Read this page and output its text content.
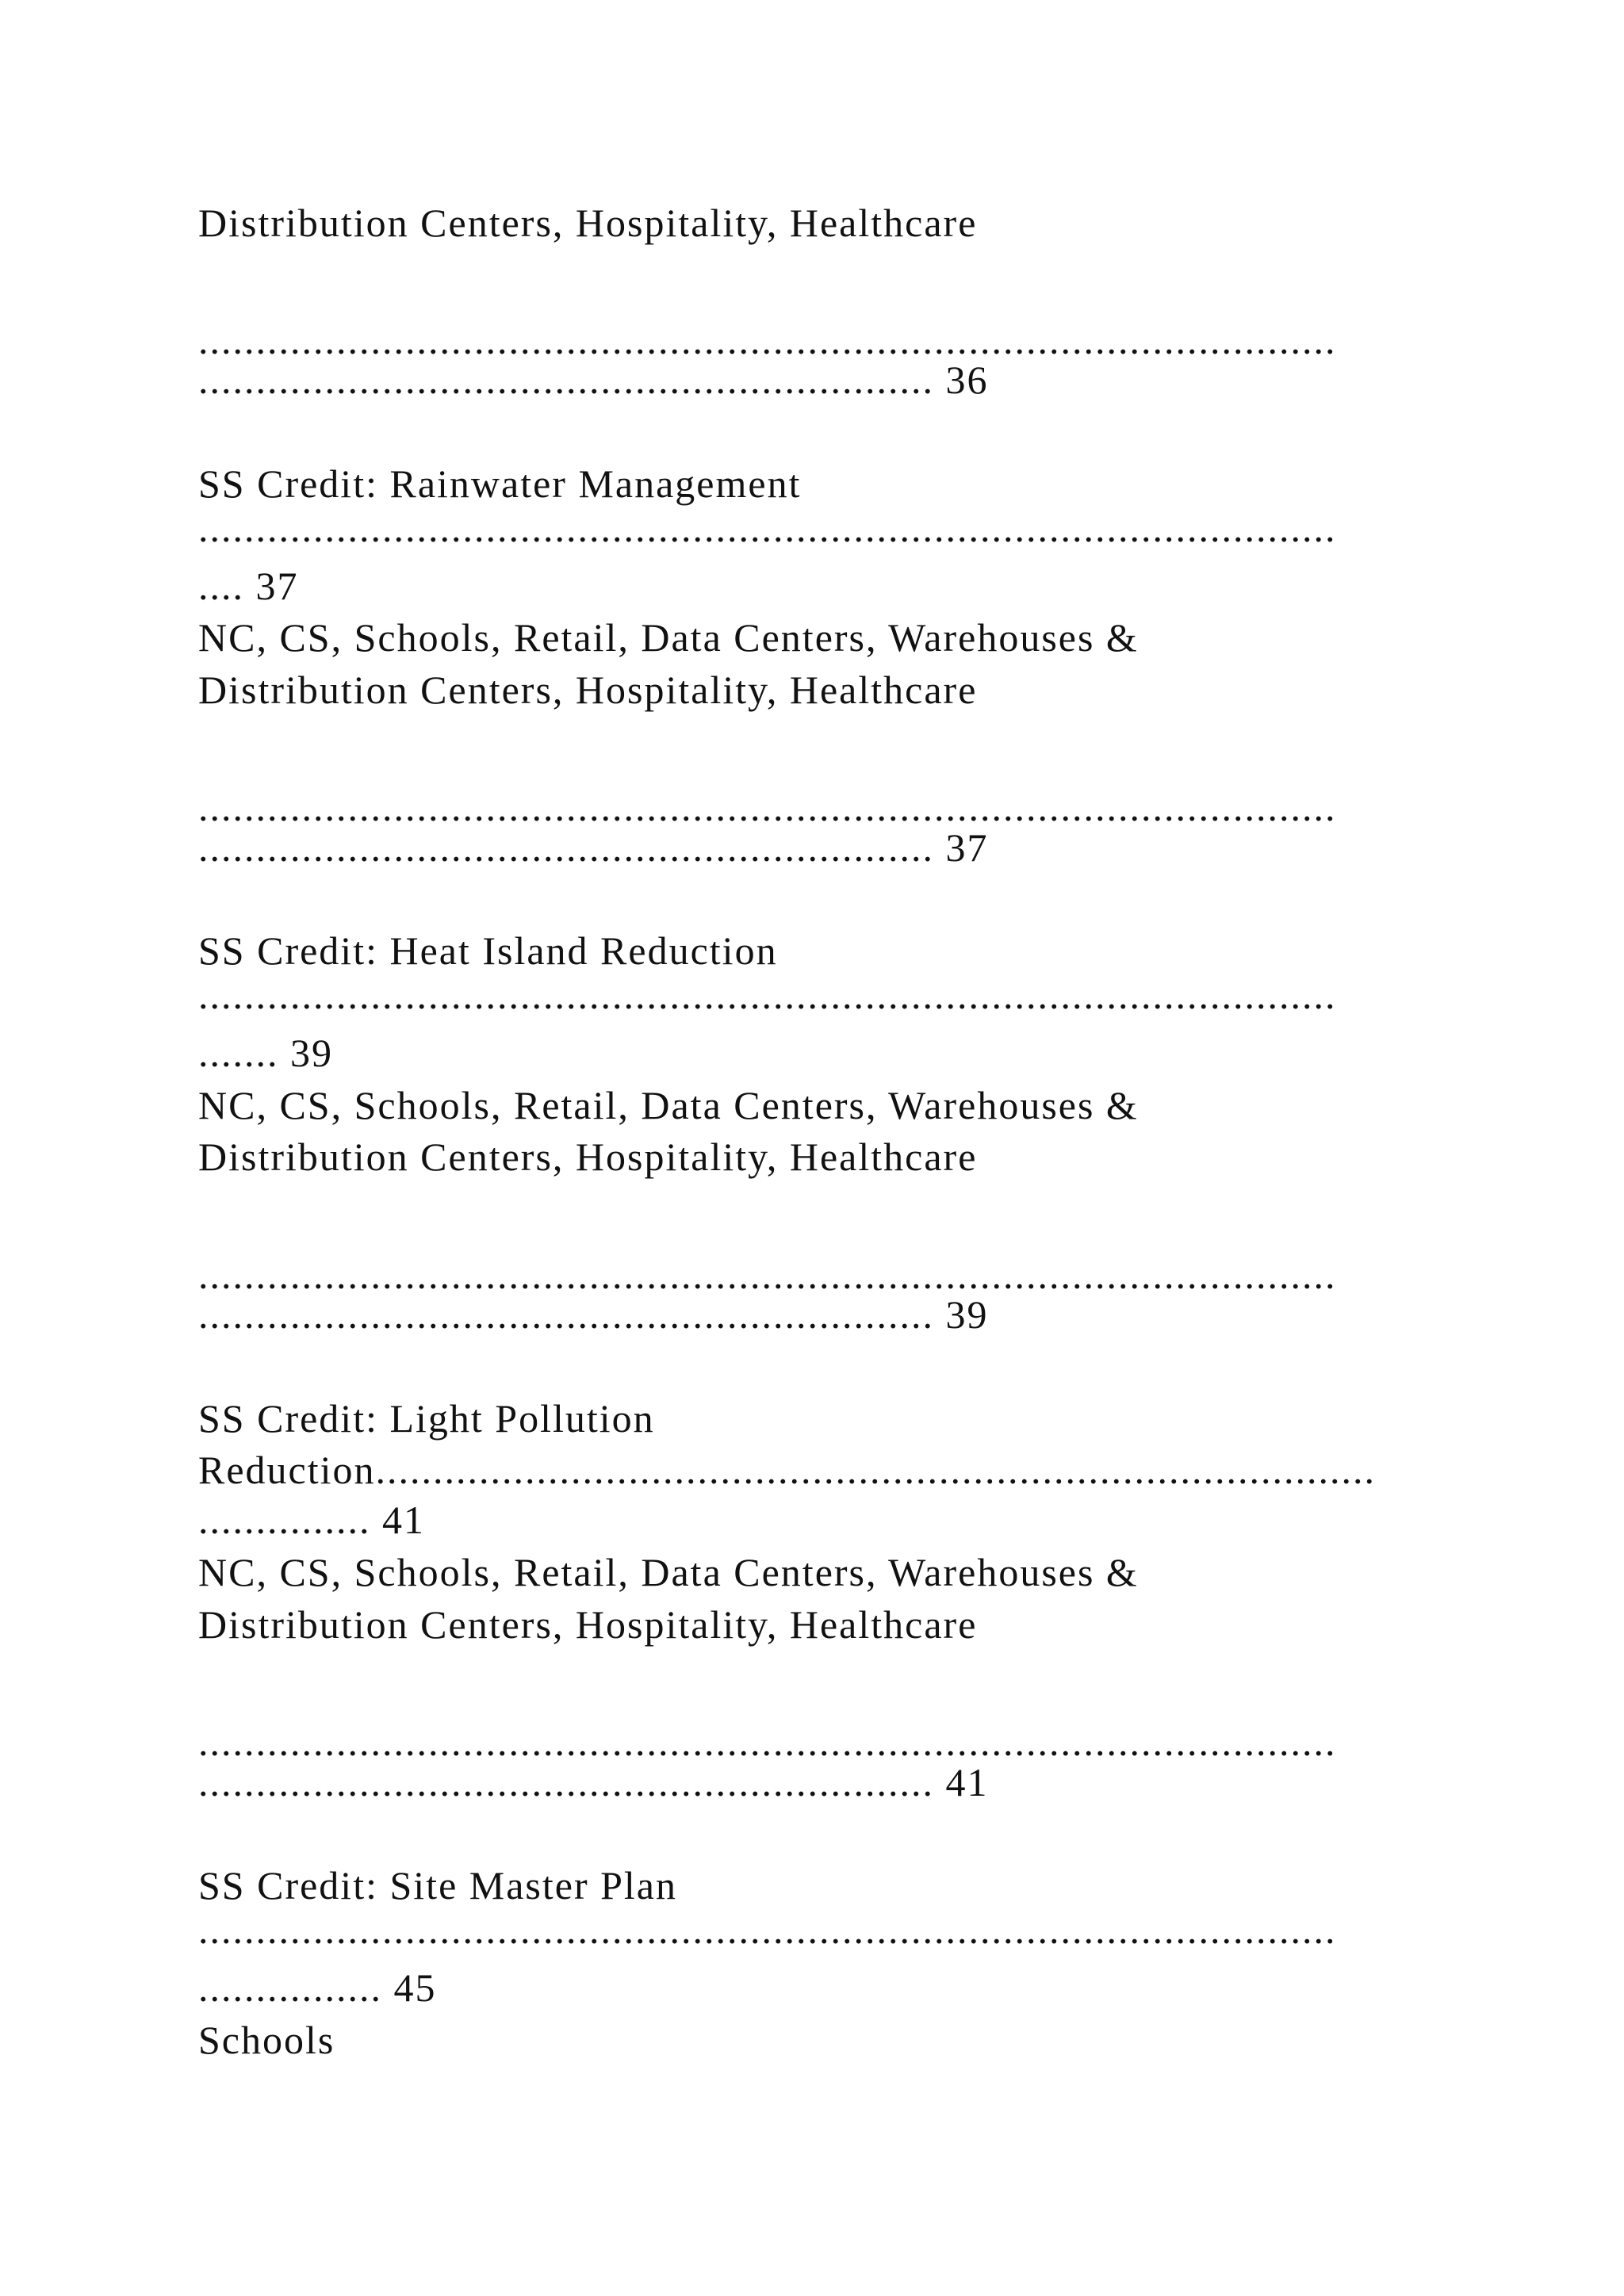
Distribution Centers, Hospitality, Healthcare
...................................................................................................
................................................................ 36
SS Credit: Rainwater Management
...................................................................................................
.... 37
NC, CS, Schools, Retail, Data Centers, Warehouses &
Distribution Centers, Hospitality, Healthcare
...................................................................................................
................................................................ 37
SS Credit: Heat Island Reduction
...................................................................................................
....... 39
NC, CS, Schools, Retail, Data Centers, Warehouses &
Distribution Centers, Hospitality, Healthcare
...................................................................................................
................................................................ 39
SS Credit: Light Pollution
Reduction.......................................................................................
............... 41
NC, CS, Schools, Retail, Data Centers, Warehouses &
Distribution Centers, Hospitality, Healthcare
...................................................................................................
................................................................ 41
SS Credit: Site Master Plan
...................................................................................................
................ 45
Schools
